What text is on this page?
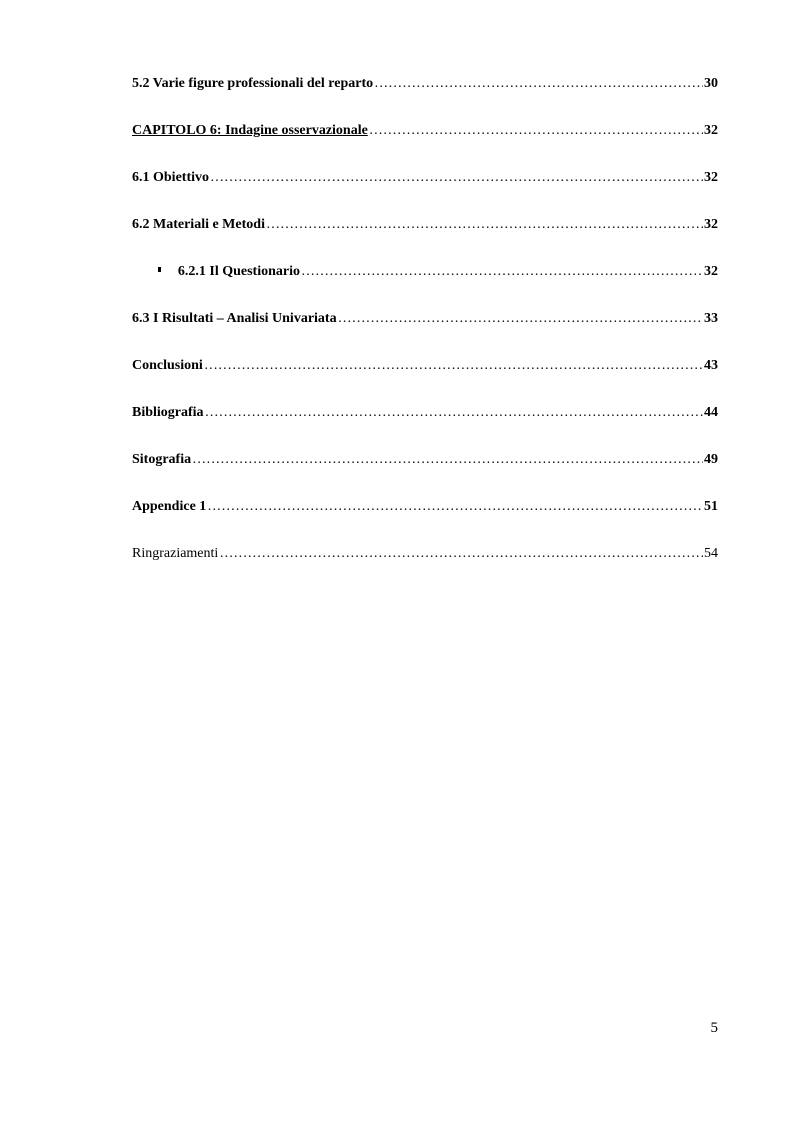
5.2 Varie figure professionali del reparto ……………………………………………………………………………………………………………………………………	30
CAPITOLO 6: Indagine osservazionale ……………………………………………………………………………………………………………………………………	32
6.1 Obiettivo ……………………………………………………………………………………………………………………………………	32
6.2 Materiali e Metodi ……………………………………………………………………………………………………………………………………	32
6.2.1 Il Questionario ……………………………………………………………………………………………………………………………………	32
6.3 I Risultati – Analisi Univariata ……………………………………………………………………………………………………………………………………	33
Conclusioni ……………………………………………………………………………………………………………………………………	43
Bibliografia ……………………………………………………………………………………………………………………………………	44
Sitografia ……………………………………………………………………………………………………………………………………	49
Appendice 1 ……………………………………………………………………………………………………………………………………	51
Ringraziamenti ……………………………………………………………………………………………………………………………………	54
5
